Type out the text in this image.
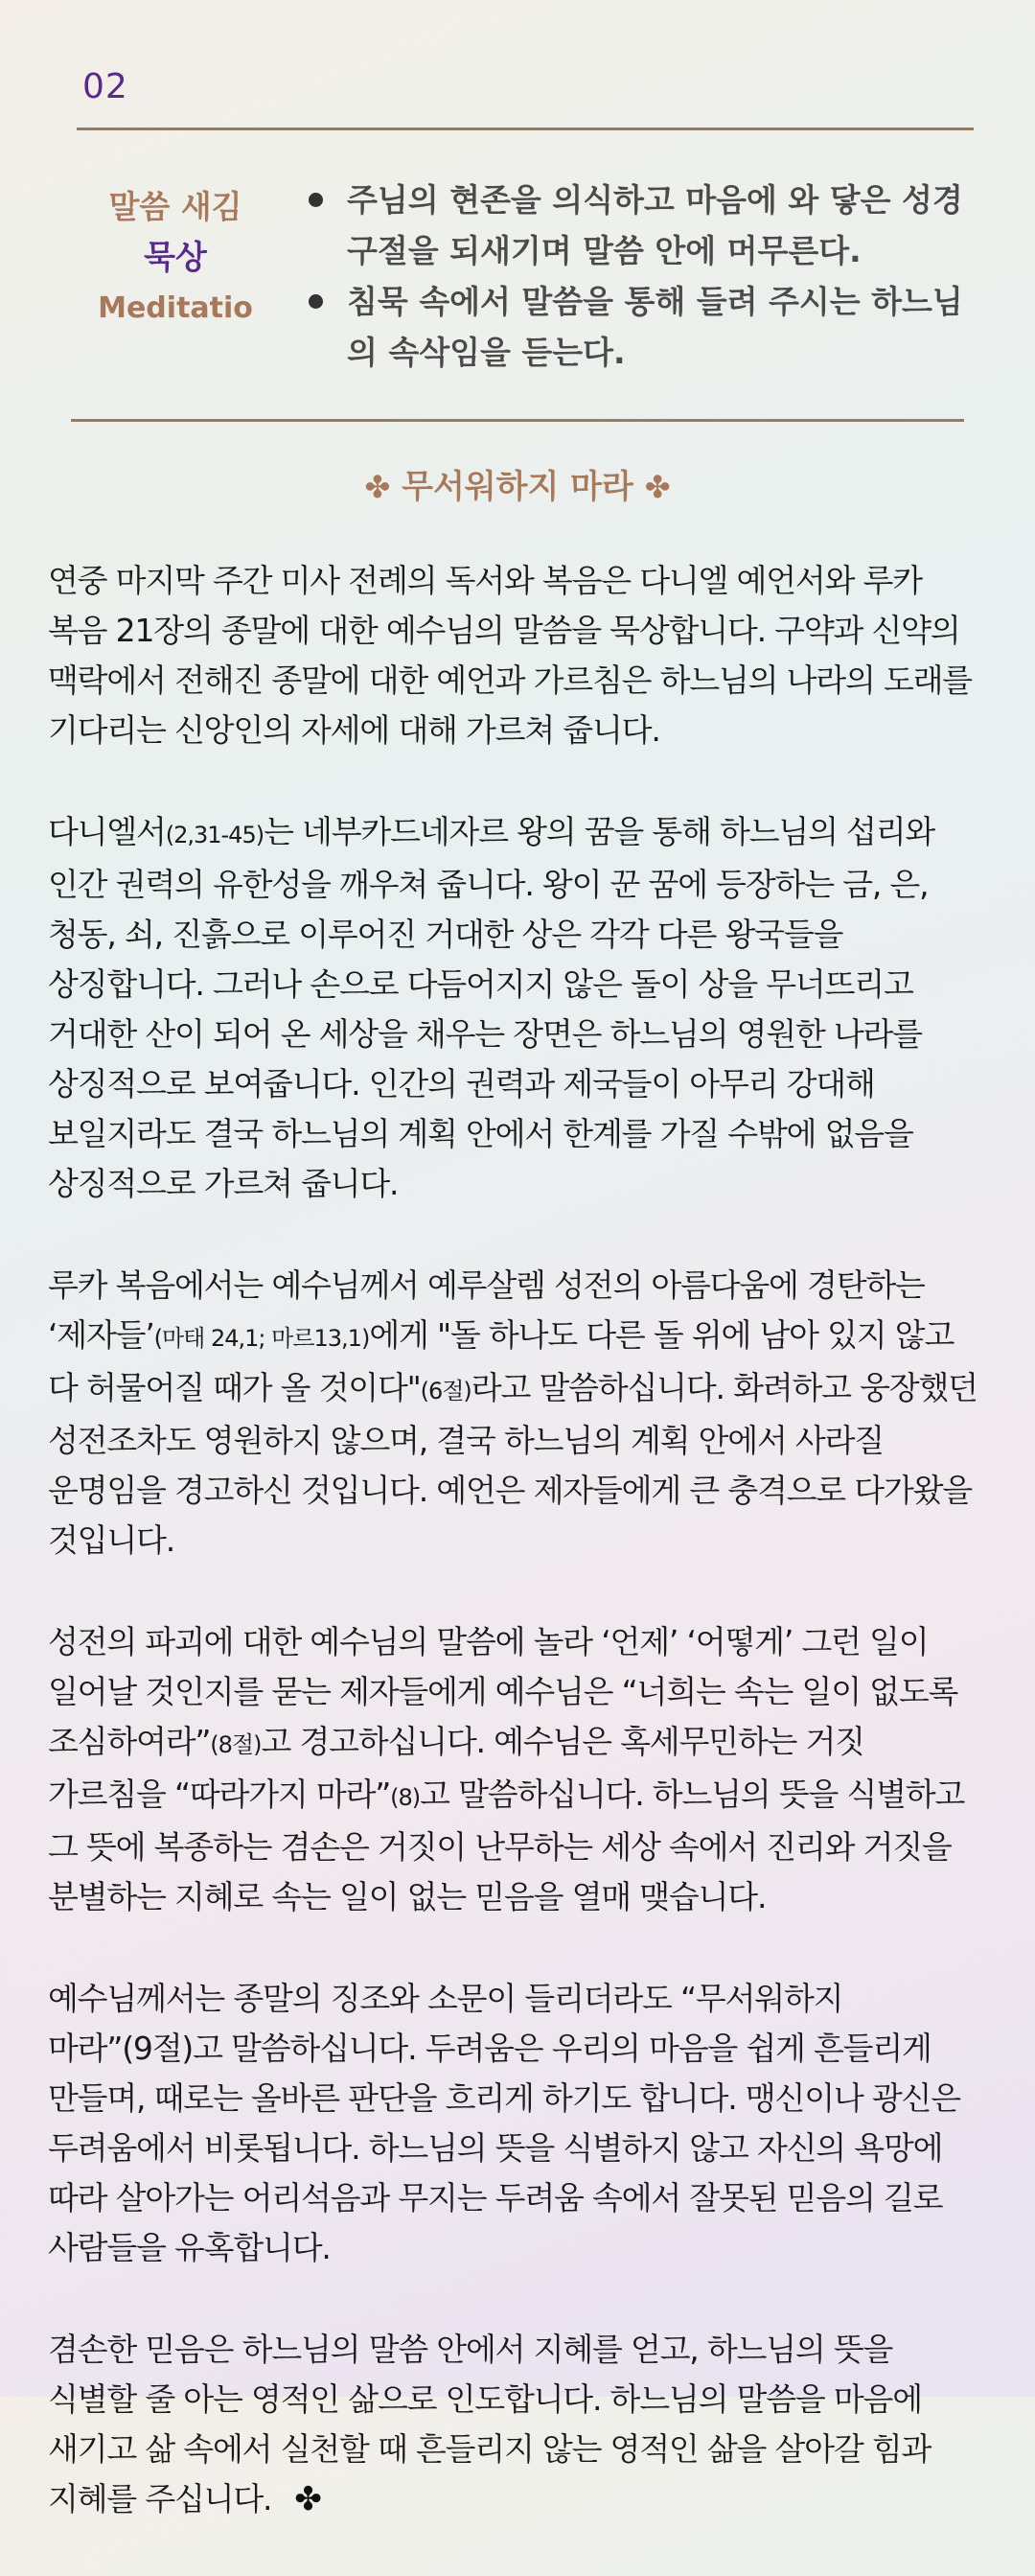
02
말씀 새김
묵상
Meditatio
주님의 현존을 의식하고 마음에 와 닿은 성경구절을 되새기며 말씀 안에 머무른다.
침묵 속에서 말씀을 통해 들려 주시는 하느님의 속삭임을 듣는다.
✤ 무서워하지 마라 ✤

연중 마지막 주간 미사 전례의 독서와 복음은 다니엘 예언서와 루카 복음 21장의 종말에 대한 예수님의 말씀을 묵상합니다. 구약과 신약의 맥락에서 전해진 종말에 대한 예언과 가르침은 하느님의 나라의 도래를 기다리는 신앙인의 자세에 대해 가르쳐 줍니다.

다니엘서(2,31-45)는 네부카드네자르 왕의 꿈을 통해 하느님의 섭리와 인간 권력의 유한성을 깨우쳐 줍니다. 왕이 꾼 꿈에 등장하는 금, 은, 청동, 쇠, 진흙으로 이루어진 거대한 상은 각각 다른 왕국들을 상징합니다. 그러나 손으로 다듬어지지 않은 돌이 상을 무너뜨리고 거대한 산이 되어 온 세상을 채우는 장면은 하느님의 영원한 나라를 상징적으로 보여줍니다. 인간의 권력과 제국들이 아무리 강대해 보일지라도 결국 하느님의 계획 안에서 한계를 가질 수밖에 없음을 상징적으로 가르쳐 줍니다.

루카 복음에서는 예수님께서 예루살렘 성전의 아름다움에 경탄하는 ‘제자들’(마태 24,1; 마르13,1)에게 "돌 하나도 다른 돌 위에 남아 있지 않고 다 허물어질 때가 올 것이다"(6절)라고 말씀하십니다. 화려하고 웅장했던 성전조차도 영원하지 않으며, 결국 하느님의 계획 안에서 사라질 운명임을 경고하신 것입니다. 예언은 제자들에게 큰 충격으로 다가왔을 것입니다.

성전의 파괴에 대한 예수님의 말씀에 놀라 ‘언제’ ‘어떻게’ 그런 일이 일어날 것인지를 묻는 제자들에게 예수님은 “너희는 속는 일이 없도록 조심하여라”(8절)고 경고하십니다. 예수님은 혹세무민하는 거짓 가르침을 “따라가지 마라”(8)고 말씀하십니다. 하느님의 뜻을 식별하고 그 뜻에 복종하는 겸손은 거짓이 난무하는 세상 속에서 진리와 거짓을 분별하는 지혜로 속는 일이 없는 믿음을 열매 맺습니다.

예수님께서는 종말의 징조와 소문이 들리더라도 “무서워하지 마라”(9절)고 말씀하십니다. 두려움은 우리의 마음을 쉽게 흔들리게 만들며, 때로는 올바른 판단을 흐리게 하기도 합니다. 맹신이나 광신은 두려움에서 비롯됩니다. 하느님의 뜻을 식별하지 않고 자신의 욕망에 따라 살아가는 어리석음과 무지는 두려움 속에서 잘못된 믿음의 길로 사람들을 유혹합니다.

겸손한 믿음은 하느님의 말씀 안에서 지혜를 얻고, 하느님의 뜻을 식별할 줄 아는 영적인 삶으로 인도합니다. 하느님의 말씀을 마음에 새기고 삶 속에서 실천할 때 흔들리지 않는 영적인 삶을 살아갈 힘과 지혜를 주십니다. ✤
